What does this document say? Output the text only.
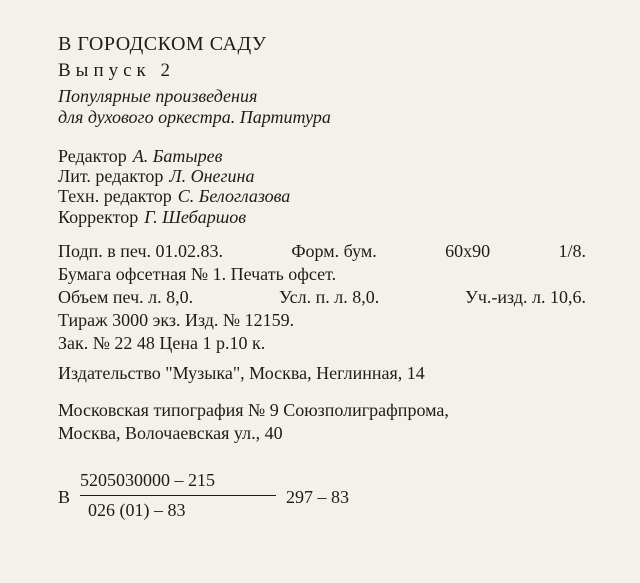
В ГОРОДСКОМ САДУ
Выпуск 2
Популярные произведения
для духового оркестра. Партитура
Редактор А. Батырев
Лит. редактор Л. Онегина
Техн. редактор С. Белоглазова
Корректор Г. Шебаршов
Подп. в печ. 01.02.83.	Форм. бум.	60х90	1/8.
Бумага офсетная № 1. Печать офсет.
Объем печ. л. 8,0.	Усл. п. л. 8,0.	Уч.-изд. л. 10,6.
Тираж 3000 экз. Изд. № 12159.
Зак. № 22 48 Цена 1 р.10 к.
Издательство "Музыка", Москва, Неглинная, 14
Московская типография № 9 Союзполиграфпрома,
Москва, Волочаевская ул., 40
В
5205030000 – 215
026 (01) – 83
297 – 83
